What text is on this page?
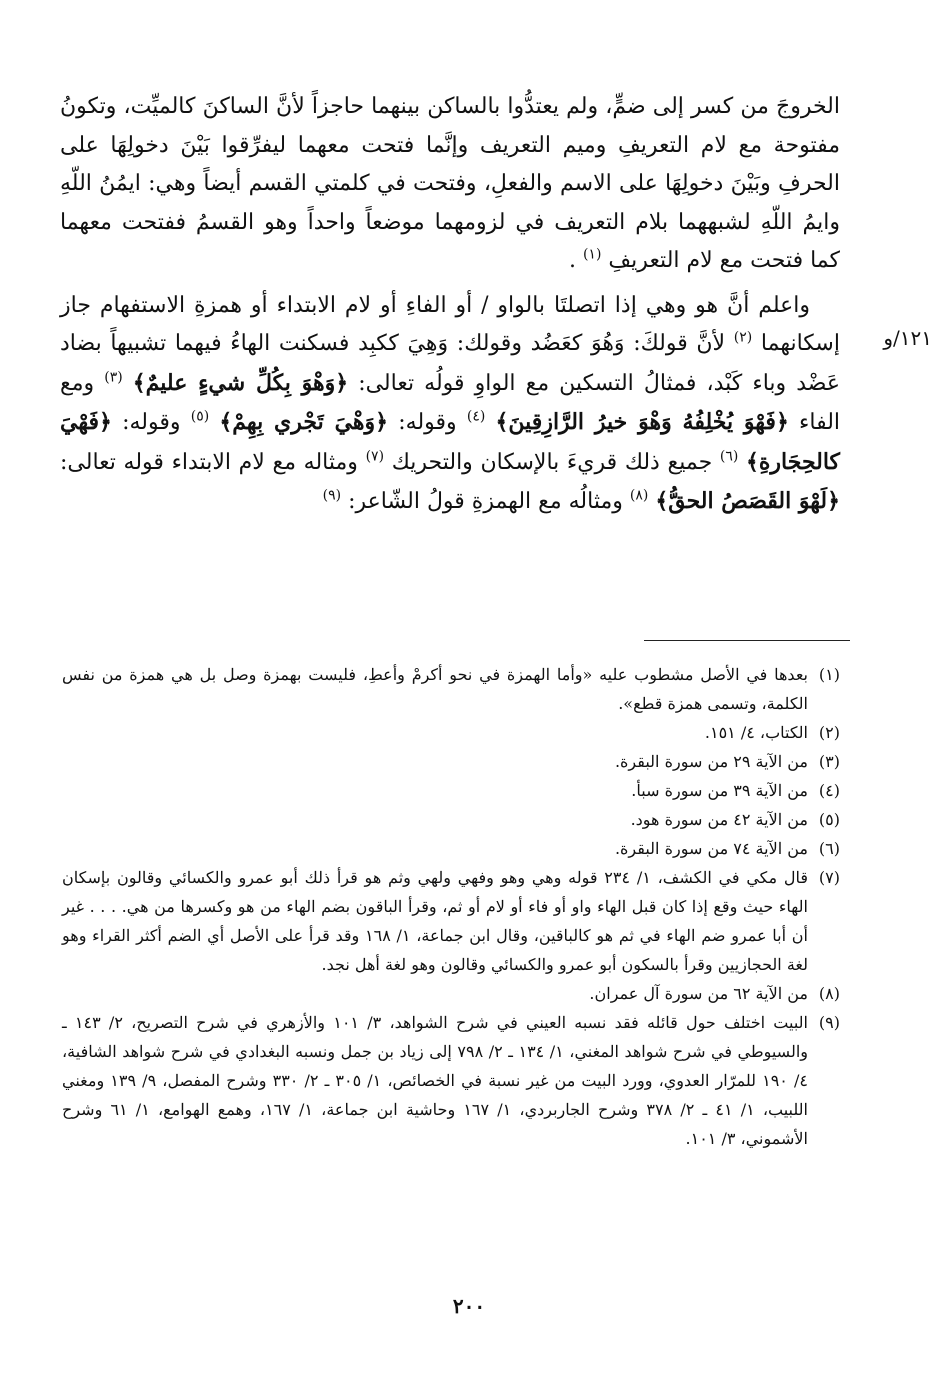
١٢١/و

الخروجَ من كسر إلى ضمٍّ، ولم يعتدُّوا بالساكن بينهما حاجزاً لأنَّ الساكنَ كالميِّت، وتكونُ مفتوحة مع لام التعريفِ وميم التعريف وإنَّما فتحت معهما ليفرِّقوا بَيْنَ دخولِهَا على الحرفِ وبَيْنَ دخولِهَا على الاسم والفعلِ، وفتحت في كلمتي القسم أيضاً وهي: ايمُنُ اللّهِ وايمُ اللّهِ لشبههما بلام التعريف في لزومهما موضعاً واحداً وهو القسمُ ففتحت معهما كما فتحت مع لام التعريفِ $^{(١)}$ .

واعلم أنَّ هو وهي إذا اتصلتَا بالواو / أو الفاءِ أو لام الابتداء أو همزةِ الاستفهام جاز إسكانهما $^{(٢)}$ لأنَّ قولكَ: وَهُوَ كعَضُد وقولك: وَهِيَ ككبِد فسكنت الهاءُ فيهما تشبيهاً بضاد عَضْد وباء كَبْد، فمثالُ التسكين مع الواوِ قولُه تعالى: ﴿وَهْوَ بِكُلِّ شيءٍ عليمٌ﴾ $^{(٣)}$ ومع الفاء ﴿فَهْوَ يُخْلِفُهُ وَهْوَ خيرُ الرَّازِقِينَ﴾ $^{(٤)}$ وقوله: ﴿وَهْيَ تَجْري بِهِمْ﴾ $^{(٥)}$ وقوله: ﴿فَهْيَ كالحِجَارةِ﴾ $^{(٦)}$ جميع ذلك قريءَ بالإسكان والتحريك $^{(٧)}$ ومثاله مع لام الابتداء قوله تعالى: ﴿لَهْوَ القَصَصُ الحقُّ﴾ $^{(٨)}$ ومثالُه مع الهمزةِ قولُ الشّاعر: $^{(٩)}$

(١)
بعدها في الأصل مشطوب عليه «وأما الهمزة في نحو أكرمْ وأعطِ، فليست بهمزة وصل بل هي همزة من نفس الكلمة، وتسمى همزة قطع».
(٢)
الكتاب، ٤/ ١٥١.
(٣)
من الآية ٢٩ من سورة البقرة.
(٤)
من الآية ٣٩ من سورة سبأ.
(٥)
من الآية ٤٢ من سورة هود.
(٦)
من الآية ٧٤ من سورة البقرة.
(٧)
قال مكي في الكشف، ١/ ٢٣٤ قوله وهي وهو وفهي ولهي وثم هو قرأ ذلك أبو عمرو والكسائي وقالون بإسكان الهاء حيث وقع إذا كان قبل الهاء واو أو فاء أو لام أو ثم، وقرأ الباقون بضم الهاء من هو وكسرها من هي. . . . غير أن أبا عمرو ضم الهاء في ثم هو كالباقين، وقال ابن جماعة، ١/ ١٦٨ وقد قرأ على الأصل أي الضم أكثر القراء وهو لغة الحجازيين وقرأ بالسكون أبو عمرو والكسائي وقالون وهو لغة أهل نجد.
(٨)
من الآية ٦٢ من سورة آل عمران.
(٩)
البيت اختلف حول قائله فقد نسبه العيني في شرح الشواهد، ٣/ ١٠١ والأزهري في شرح التصريح، ٢/ ١٤٣ ـ والسيوطي في شرح شواهد المغني، ١/ ١٣٤ ـ ٢/ ٧٩٨ إلى زياد بن جمل ونسبه البغدادي في شرح شواهد الشافية، ٤/ ١٩٠ للمرّار العدوي، وورد البيت من غير نسبة في الخصائص، ١/ ٣٠٥ ـ ٢/ ٣٣٠ وشرح المفصل، ٩/ ١٣٩ ومغني اللبيب، ١/ ٤١ ـ ٢/ ٣٧٨ وشرح الجاربردي، ١/ ١٦٧ وحاشية ابن جماعة، ١/ ١٦٧، وهمع الهوامع، ١/ ٦١ وشرح الأشموني، ٣/ ١٠١.
٢٠٠
